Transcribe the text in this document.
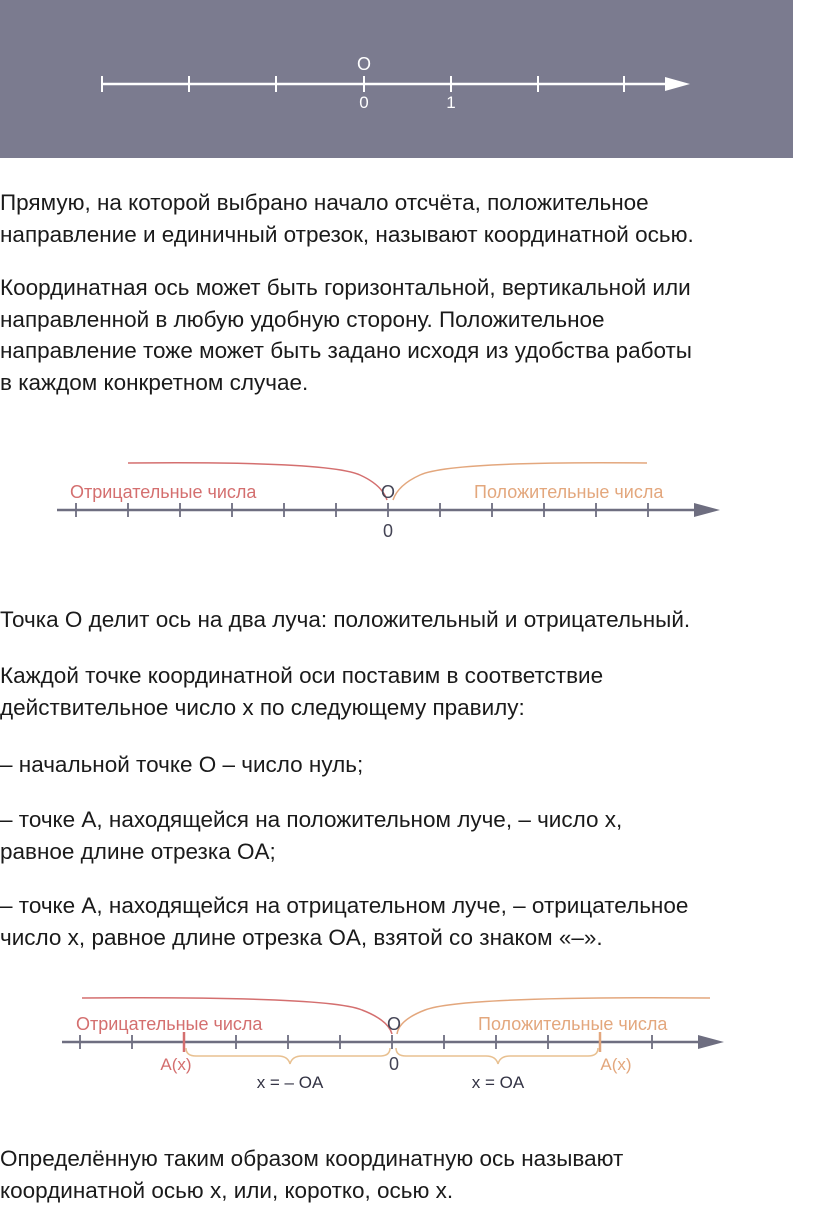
O
0	1
Прямую, на которой выбрано начало отсчёта, положительное
направление и единичный отрезок, называют координатной осью.
Координатная ось может быть горизонтальной, вертикальной или
направленной в любую удобную сторону. Положительное
направление тоже может быть задано исходя из удобства работы
в каждом конкретном случае.
Отрицательные числа	Положительные числа
O
0
Точка О делит ось на два луча: положительный и отрицательный.
Каждой точке координатной оси поставим в соответствие
действительное число x по следующему правилу:
– начальной точке О – число нуль;
– точке А, находящейся на положительном луче, – число x,
равное длине отрезка OA;
– точке А, находящейся на отрицательном луче, – отрицательное
число x, равное длине отрезка OA, взятой со знаком «–».
Отрицательные числа	Положительные числа
O
A(x)	A(x)
0
x = – OA	x = OA
Определённую таким образом координатную ось называют
координатной осью x, или, коротко, осью x.
